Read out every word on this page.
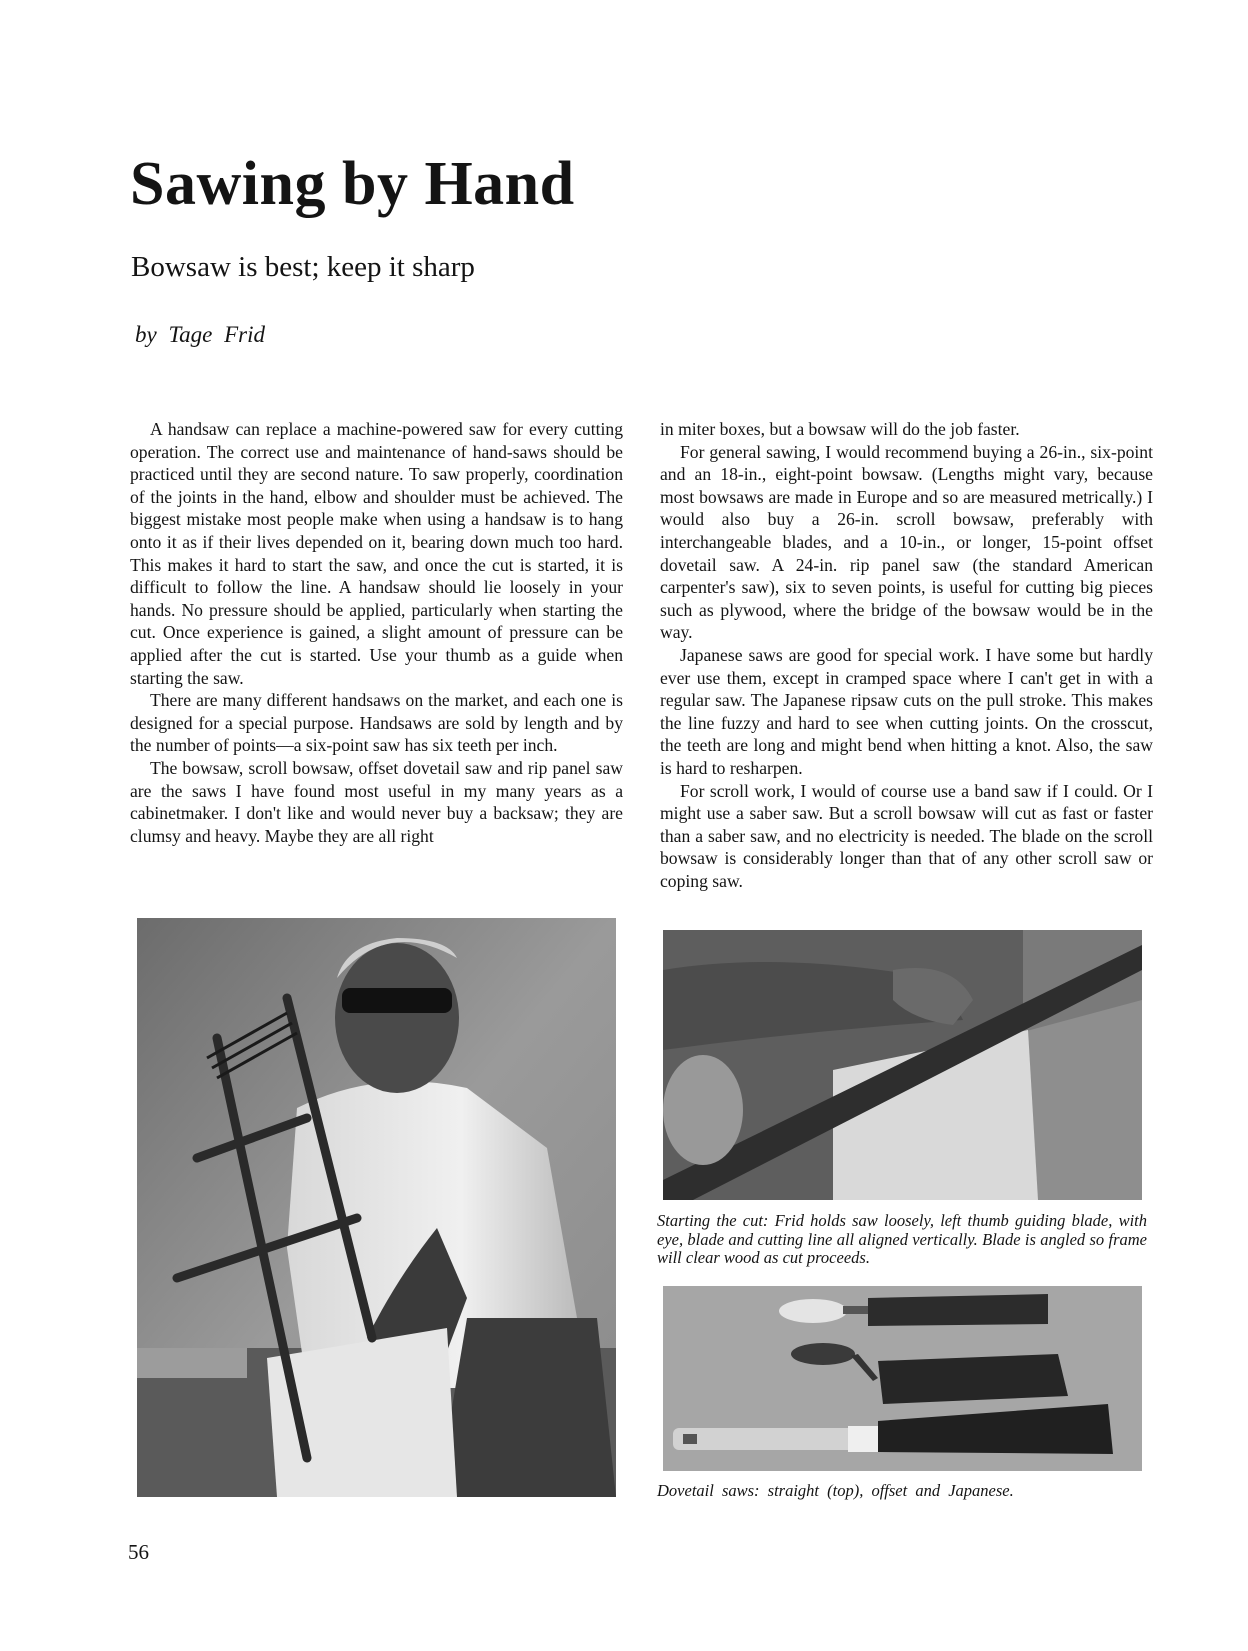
Sawing by Hand
Bowsaw is best; keep it sharp
by Tage Frid

A handsaw can replace a machine-powered saw for every cutting operation. The correct use and maintenance of hand-saws should be practiced until they are second nature. To saw properly, coordination of the joints in the hand, elbow and shoulder must be achieved. The biggest mistake most people make when using a handsaw is to hang onto it as if their lives depended on it, bearing down much too hard. This makes it hard to start the saw, and once the cut is started, it is difficult to follow the line. A handsaw should lie loosely in your hands. No pressure should be applied, particularly when starting the cut. Once experience is gained, a slight amount of pressure can be applied after the cut is started. Use your thumb as a guide when starting the saw.

There are many different handsaws on the market, and each one is designed for a special purpose. Handsaws are sold by length and by the number of points—a six-point saw has six teeth per inch.

The bowsaw, scroll bowsaw, offset dovetail saw and rip panel saw are the saws I have found most useful in my many years as a cabinetmaker. I don't like and would never buy a backsaw; they are clumsy and heavy. Maybe they are all right

in miter boxes, but a bowsaw will do the job faster.

For general sawing, I would recommend buying a 26-in., six-point and an 18-in., eight-point bowsaw. (Lengths might vary, because most bowsaws are made in Europe and so are measured metrically.) I would also buy a 26-in. scroll bowsaw, preferably with interchangeable blades, and a 10-in., or longer, 15-point offset dovetail saw. A 24-in. rip panel saw (the standard American carpenter's saw), six to seven points, is useful for cutting big pieces such as plywood, where the bridge of the bowsaw would be in the way.

Japanese saws are good for special work. I have some but hardly ever use them, except in cramped space where I can't get in with a regular saw. The Japanese ripsaw cuts on the pull stroke. This makes the line fuzzy and hard to see when cutting joints. On the crosscut, the teeth are long and might bend when hitting a knot. Also, the saw is hard to resharpen.

For scroll work, I would of course use a band saw if I could. Or I might use a saber saw. But a scroll bowsaw will cut as fast or faster than a saber saw, and no electricity is needed. The blade on the scroll bowsaw is considerably longer than that of any other scroll saw or coping saw.

Starting the cut: Frid holds saw loosely, left thumb guiding blade, with eye, blade and cutting line all aligned vertically. Blade is angled so frame will clear wood as cut proceeds.
Dovetail saws: straight (top), offset and Japanese.
56
